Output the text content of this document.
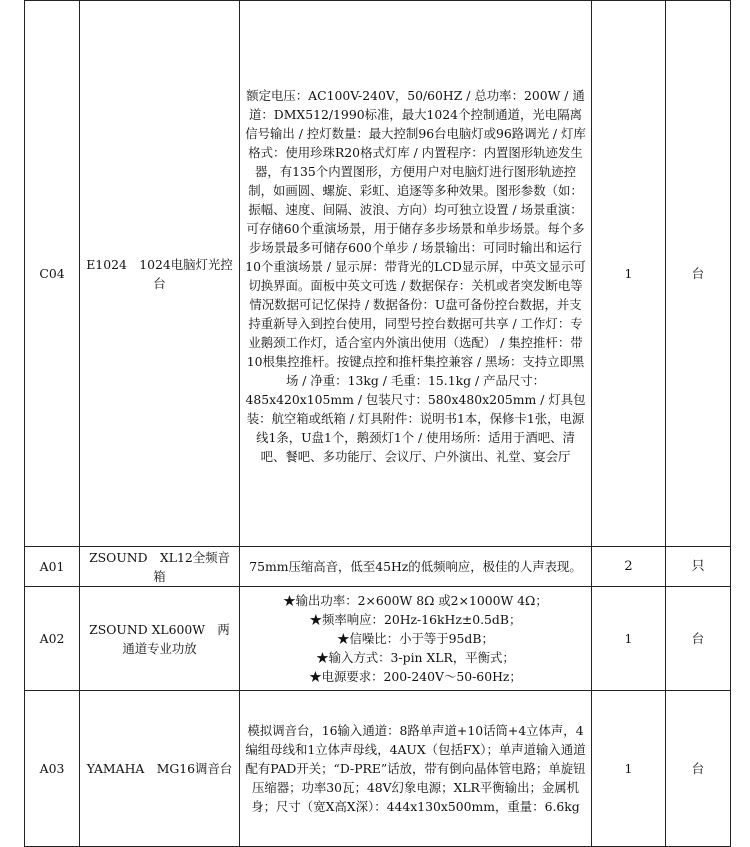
C04	E1024　1024电脑灯光控台	额定电压：AC100V-240V，50/60HZ / 总功率：200W / 通道：DMX512/1990标准，最大1024个控制通道，光电隔离信号输出 / 控灯数量：最大控制96台电脑灯或96路调光 / 灯库格式：使用珍珠R20格式灯库 / 内置程序：内置图形轨迹发生器，有135个内置图形，方便用户对电脑灯进行图形轨迹控制，如画圆、螺旋、彩虹、追逐等多种效果。图形参数（如：振幅、速度、间隔、波浪、方向）均可独立设置 / 场景重演：可存储60个重演场景，用于储存多步场景和单步场景。每个多步场景最多可储存600个单步 / 场景输出：可同时输出和运行10个重演场景 / 显示屏：带背光的LCD显示屏，中英文显示可切换界面。面板中英文可选 / 数据保存：关机或者突发断电等情况数据可记忆保持 / 数据备份：U盘可备份控台数据，并支持重新导入到控台使用，同型号控台数据可共享 / 工作灯：专业鹅颈工作灯，适合室内外演出使用（选配） / 集控推杆：带10根集控推杆。按键点控和推杆集控兼容 / 黑场：支持立即黑场 / 净重：13kg / 毛重：15.1kg / 产品尺寸：485x420x105mm / 包装尺寸：580x480x205mm / 灯具包装：航空箱或纸箱 / 灯具附件：说明书1本，保修卡1张，电源线1条，U盘1个，鹅颈灯1个 / 使用场所：适用于酒吧、清吧、餐吧、多功能厅、会议厅、户外演出、礼堂、宴会厅	1	台
A01	ZSOUND　XL12全频音箱	75mm压缩高音，低至45Hz的低频响应，极佳的人声表现。	2	只
A02	ZSOUND XL600W　两通道专业功放	★输出功率：2×600W 8Ω 或2×1000W 4Ω；
★频率响应：20Hz-16kHz±0.5dB；
★信噪比：小于等于95dB；
★输入方式：3-pin XLR，平衡式；
★电源要求：200-240V～50-60Hz；	1	台
A03	YAMAHA　MG16调音台	模拟调音台，16输入通道：8路单声道+10话筒+4立体声，4编组母线和1立体声母线，4AUX（包括FX）；单声道输入通道配有PAD开关；“D-PRE”话放，带有倒向晶体管电路；单旋钮压缩器；功率30瓦；48V幻象电源；XLR平衡输出；金属机身；尺寸（宽X高X深）：444x130x500mm，重量：6.6kg	1	台
